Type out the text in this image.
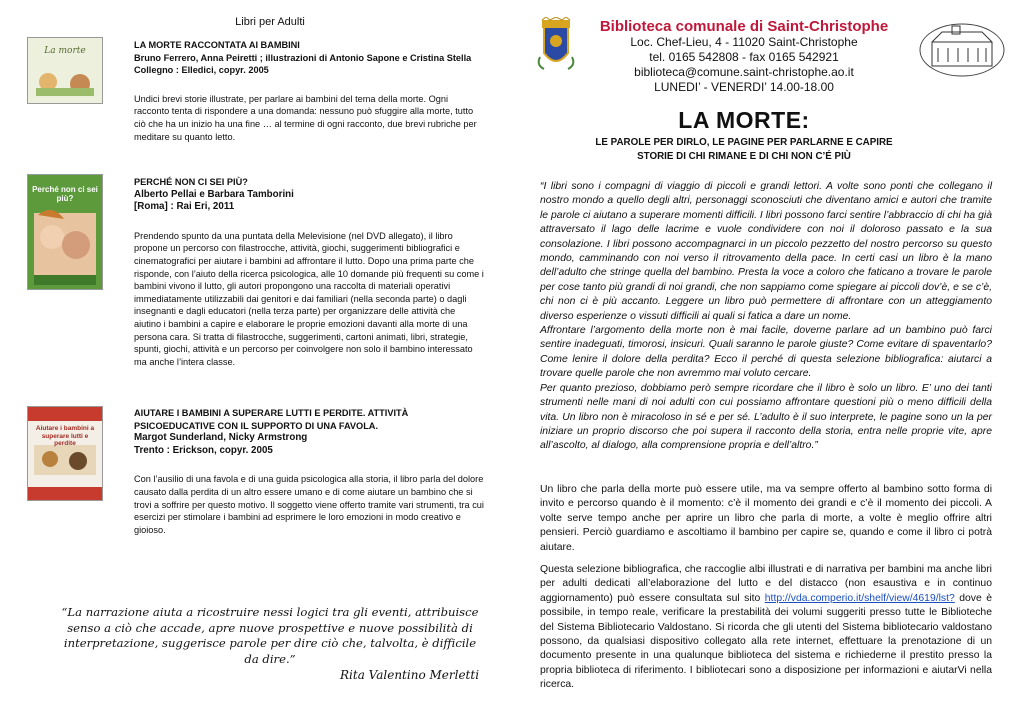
Libri per Adulti
La morte
LA MORTE RACCONTATA AI BAMBINI
Bruno Ferrero, Anna Peiretti ; illustrazioni di Antonio Sapone e Cristina Stella
Collegno : Elledici, copyr. 2005
Undici brevi storie illustrate, per parlare ai bambini del tema della morte. Ogni racconto tenta di rispondere a una domanda: nessuno può sfuggire alla morte, tutto ciò che ha un inizio ha una fine … al termine di ogni racconto, due brevi rubriche per meditare su quanto letto.
Perché non ci sei più?
PERCHÉ NON CI SEI PIÙ?
Alberto Pellai e Barbara Tamborini
[Roma] : Rai Eri, 2011
Prendendo spunto da una puntata della Melevisione (nel DVD allegato), il libro propone un percorso con filastrocche, attività, giochi, suggerimenti bibliografici e cinematografici per aiutare i bambini ad affrontare il lutto. Dopo una prima parte che risponde, con l’aiuto della ricerca psicologica, alle 10 domande più frequenti su come i bambini vivono il lutto, gli autori propongono una raccolta di materiali operativi immediatamente utilizzabili dai genitori e dai familiari (nella seconda parte) o dagli insegnanti e dagli educatori (nella terza parte) per organizzare delle attività che aiutino i bambini a capire e elaborare le proprie emozioni davanti alla morte di una persona cara. Si tratta di filastrocche, suggerimenti, cartoni animati, libri, strategie, spunti, giochi, attività e un percorso per coinvolgere non solo il bambino interessato ma anche l’intera classe.
Aiutare i bambini a superare lutti e perdite
AIUTARE I BAMBINI A SUPERARE LUTTI E PERDITE. ATTIVITÀ PSICOEDUCATIVE CON IL SUPPORTO DI UNA FAVOLA.
Margot Sunderland, Nicky Armstrong
Trento : Erickson, copyr. 2005
Con l’ausilio di una favola e di una guida psicologica alla storia, il libro parla del dolore causato dalla perdita di un altro essere umano e di come aiutare un bambino che si trovi a soffrire per questo motivo. Il soggetto viene offerto tramite vari strumenti, tra cui esercizi per stimolare i bambini ad esprimere le loro emozioni in modo creativo e gioioso.
“La narrazione aiuta a ricostruire nessi logici tra gli eventi, attribuisce senso a ciò che accade, apre nuove prospettive e nuove possibilità di interpretazione, suggerisce parole per dire ciò che, talvolta, è difficile da dire.”
Rita Valentino Merletti
Biblioteca comunale di Saint-Christophe
Loc. Chef-Lieu, 4 - 11020 Saint-Christophe
tel. 0165 542808 - fax 0165 542921
biblioteca@comune.saint-christophe.ao.it
LUNEDI’ - VENERDI’ 14.00-18.00
LA MORTE:
LE PAROLE PER DIRLO, LE PAGINE PER PARLARNE E CAPIRE
STORIE DI CHI RIMANE E DI CHI NON C’É PIÙ

“I libri sono i compagni di viaggio di piccoli e grandi lettori. A volte sono ponti che collegano il nostro mondo a quello degli altri, personaggi sconosciuti che diventano amici e autori che tramite le parole ci aiutano a superare momenti difficili. I libri possono farci sentire l’abbraccio di chi ha già attraversato il lago delle lacrime e vuole condividere con noi il doloroso passato e la sua consolazione. I libri possono accompagnarci in un piccolo pezzetto del nostro percorso su questo mondo, camminando con noi verso il ritrovamento della pace. In certi casi un libro è la mano dell’adulto che stringe quella del bambino. Presta la voce a coloro che faticano a trovare le parole per cose tanto più grandi di noi grandi, che non sappiamo come spiegare ai piccoli dov’è, e se c’è, chi non ci è più accanto. Leggere un libro può permettere di affrontare con un atteggiamento diverso esperienze o vissuti difficili ai quali si fatica a dare un nome.

Affrontare l’argomento della morte non è mai facile, doverne parlare ad un bambino può farci sentire inadeguati, timorosi, insicuri. Quali saranno le parole giuste? Come evitare di spaventarlo? Come lenire il dolore della perdita? Ecco il perché di questa selezione bibliografica: aiutarci a trovare quelle parole che non avremmo mai voluto cercare.

Per quanto prezioso, dobbiamo però sempre ricordare che il libro è solo un libro. E’ uno dei tanti strumenti nelle mani di noi adulti con cui possiamo affrontare questioni più o meno difficili della vita. Un libro non è miracoloso in sé e per sé. L’adulto è il suo interprete, le pagine sono un la per iniziare un proprio discorso che poi supera il racconto della storia, entra nelle proprie vite, apre all’ascolto, al dialogo, alla comprensione propria e dell’altro.”

Un libro che parla della morte può essere utile, ma va sempre offerto al bambino sotto forma di invito e percorso quando è il momento: c’è il momento dei grandi e c’è il momento dei piccoli. A volte serve tempo anche per aprire un libro che parla di morte, a volte è meglio offrire altri pensieri. Perciò guardiamo e ascoltiamo il bambino per capire se, quando e come il libro ci potrà aiutare.

Questa selezione bibliografica, che raccoglie albi illustrati e di narrativa per bambini ma anche libri per adulti dedicati all’elaborazione del lutto e del distacco (non esaustiva e in continuo aggiornamento) può essere consultata sul sito http://vda.comperio.it/shelf/view/4619/lst? dove è possibile, in tempo reale, verificare la prestabilità dei volumi suggeriti presso tutte le Biblioteche del Sistema Bibliotecario Valdostano. Si ricorda che gli utenti del Sistema bibliotecario valdostano possono, da qualsiasi dispositivo collegato alla rete internet, effettuare la prenotazione di un documento presente in una qualunque biblioteca del sistema e richiederne il prestito presso la propria biblioteca di riferimento. I bibliotecari sono a disposizione per informazioni e aiutarVi nella ricerca.
